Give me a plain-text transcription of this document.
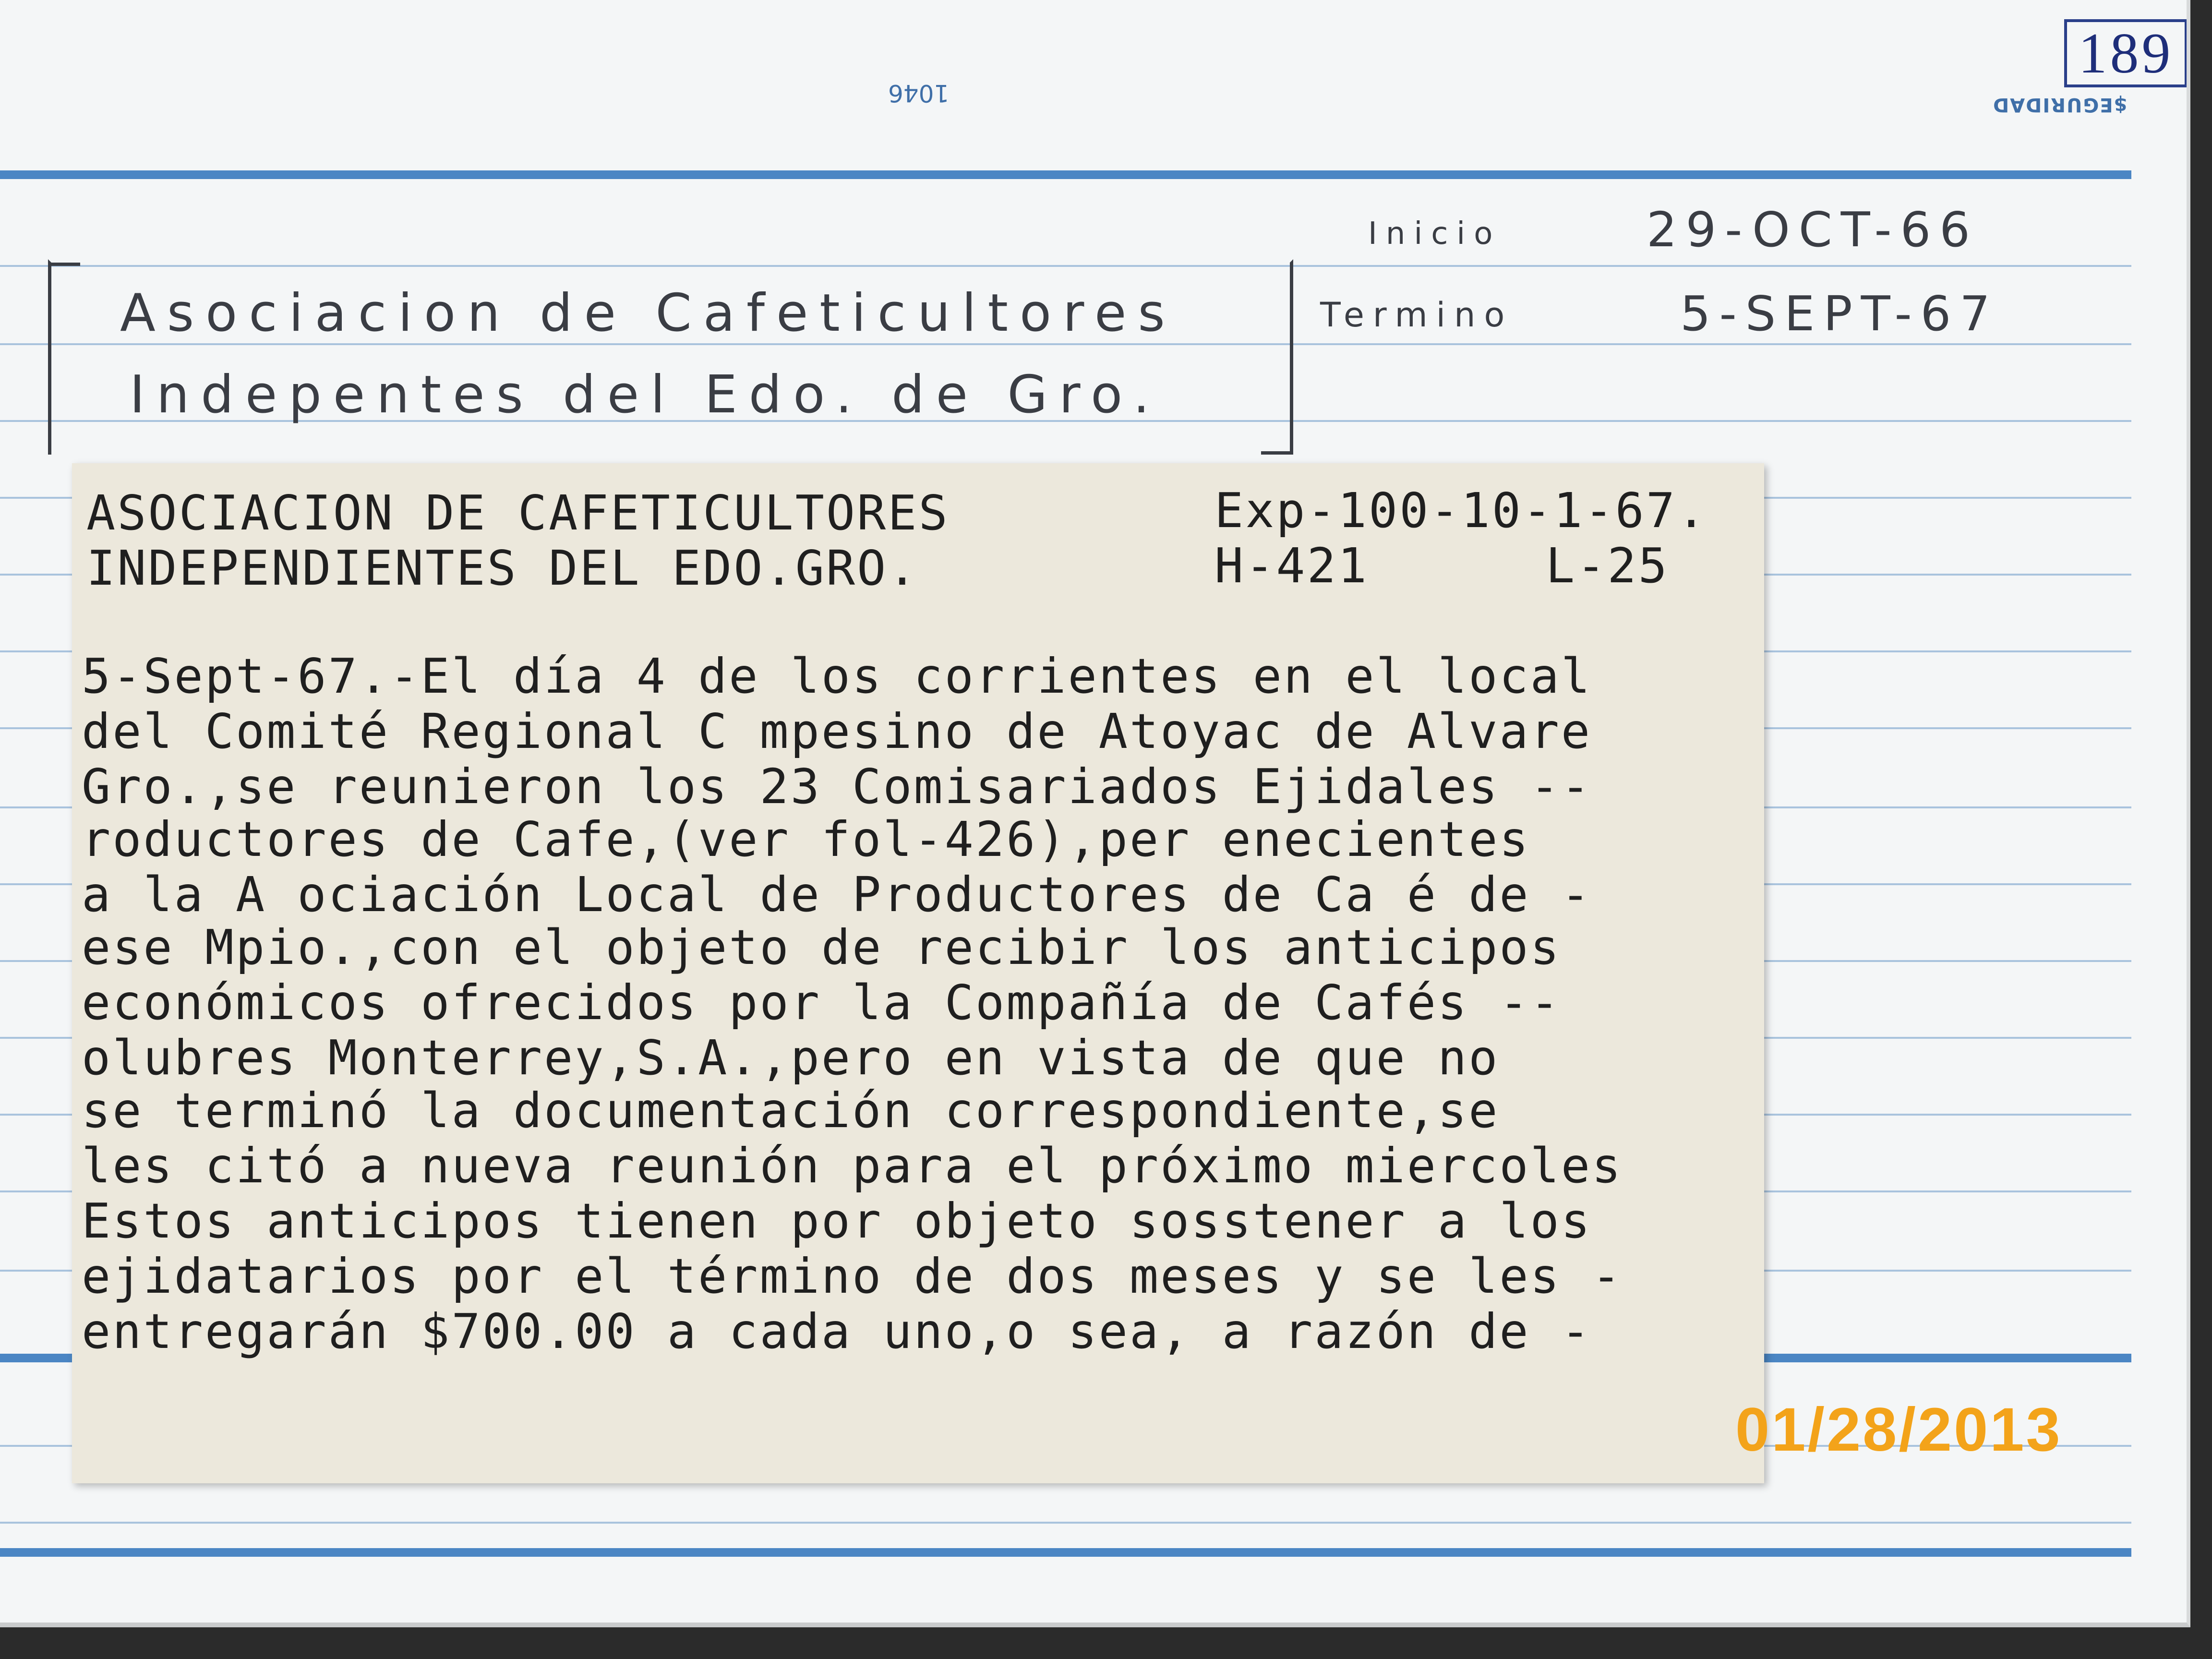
1046	$EGURIDAD
189
Inicio	29-OCT-66
Termino	5-SEPT-67
Asociacion de Cafeticultores
Indepentes del Edo. de Gro.
ASOCIACION DE CAFETICULTORES
INDEPENDIENTES DEL EDO.GRO.
Exp-100-10-1-67.
H-421	L-25
5-Sept-67.-El día 4 de los corrientes en el local
del Comité Regional C mpesino de Atoyac de Alvare
Gro.,se reunieron los 23 Comisariados Ejidales --
roductores de Cafe,(ver fol-426),per enecientes
a la A ociación Local de Productores de Ca é de -
ese Mpio.,con el objeto de recibir los anticipos
económicos ofrecidos por la Compañía de Cafés --
olubres Monterrey,S.A.,pero en vista de que no
se terminó la documentación correspondiente,se
les citó a nueva reunión para el próximo miercoles
Estos anticipos tienen por objeto sosstener a los
ejidatarios por el término de dos meses y se les -
entregarán $700.00 a cada uno,o sea, a razón de -
01/28/2013
